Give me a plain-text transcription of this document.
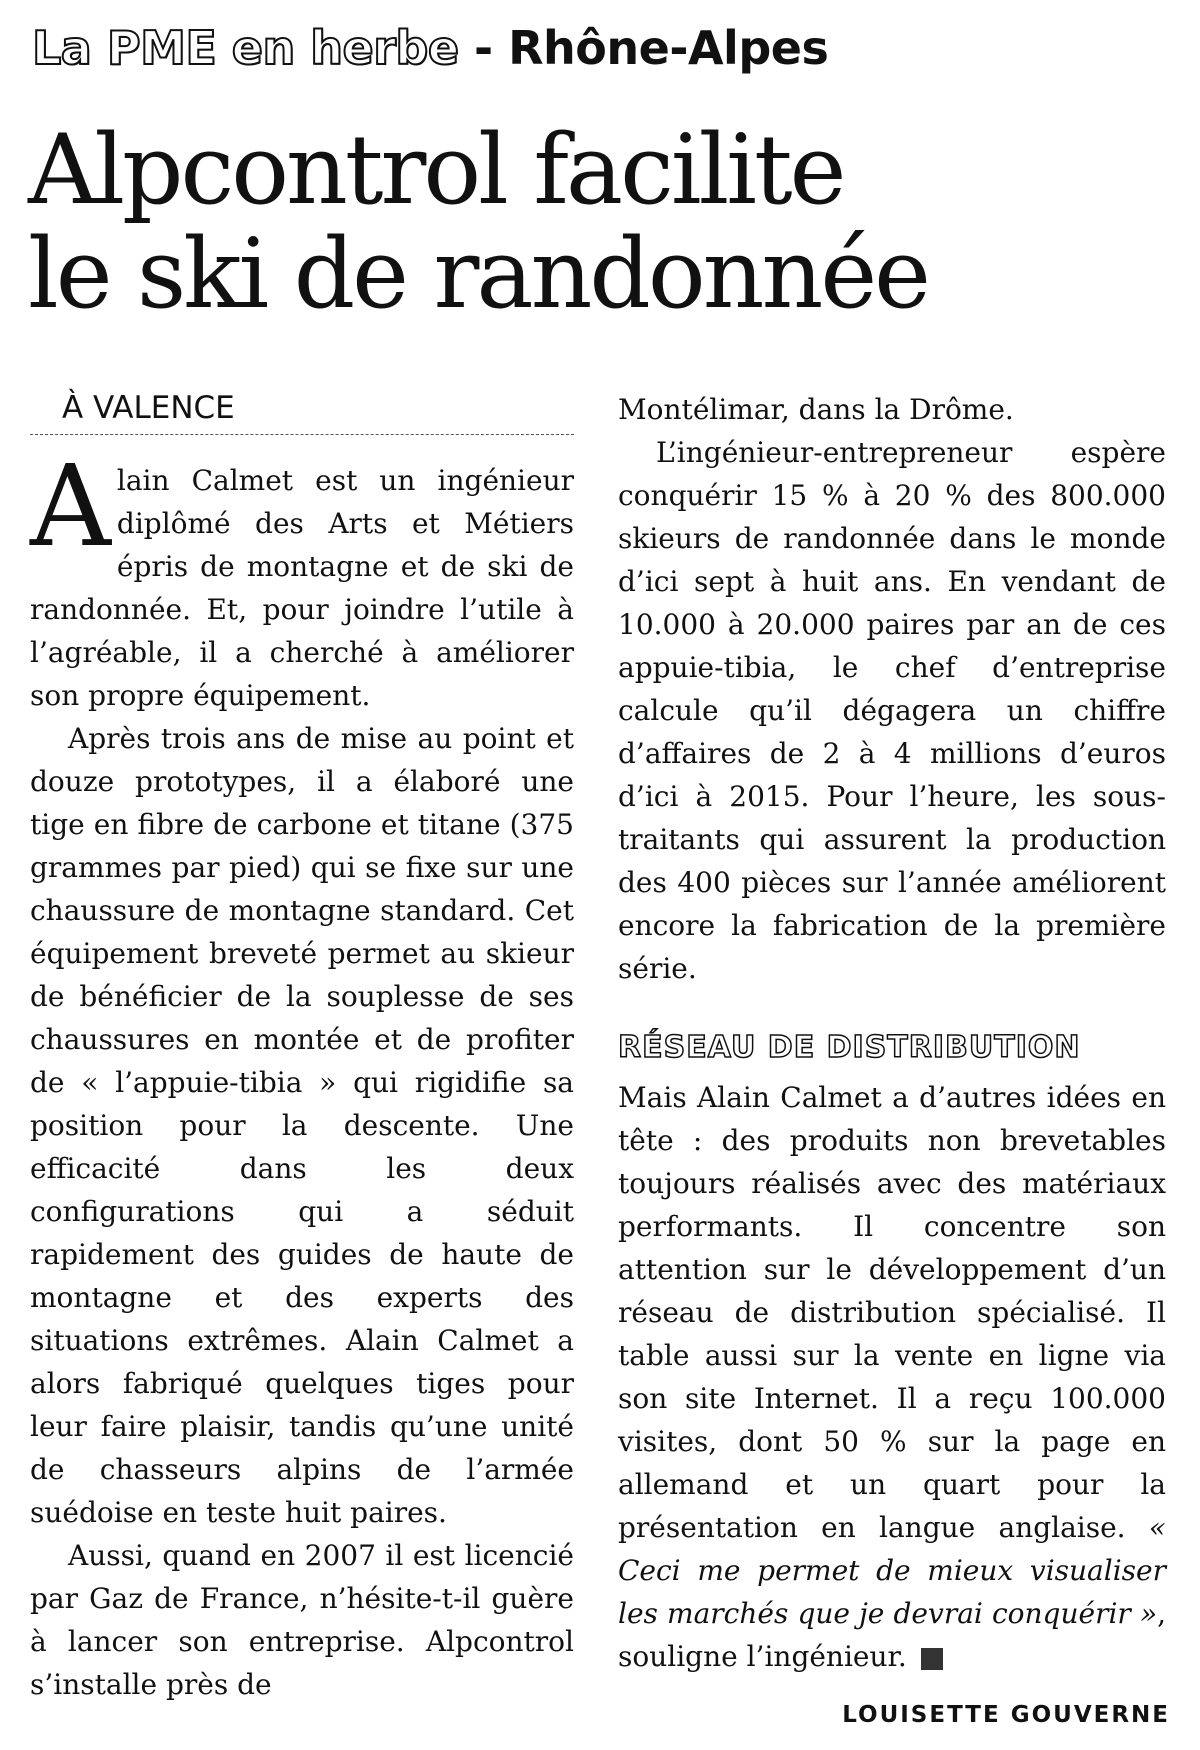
La PME en herbe - Rhône-Alpes
Alpcontrol facilite
le ski de randonnée
À VALENCE

Alain Calmet est un ingénieur diplômé des Arts et Métiers épris de montagne et de ski de randonnée. Et, pour joindre l’utile à l’agréable, il a cherché à améliorer son propre équipement.

Après trois ans de mise au point et douze prototypes, il a élaboré une tige en fibre de carbone et titane (375 grammes par pied) qui se fixe sur une chaussure de montagne standard. Cet équipement breveté permet au skieur de bénéficier de la souplesse de ses chaussures en montée et de profiter de « l’appuie-tibia » qui rigidifie sa position pour la descente. Une efficacité dans les deux configurations qui a séduit rapidement des guides de haute de montagne et des experts des situations extrêmes. Alain Calmet a alors fabriqué quelques tiges pour leur faire plaisir, tandis qu’une unité de chasseurs alpins de l’armée suédoise en teste huit paires.

Aussi, quand en 2007 il est licencié par Gaz de France, n’hésite-t-il guère à lancer son entreprise. Alpcontrol s’installe près de

Montélimar, dans la Drôme.

L’ingénieur-entrepreneur espère conquérir 15 % à 20 % des 800.000 skieurs de randonnée dans le monde d’ici sept à huit ans. En vendant de 10.000 à 20.000 paires par an de ces appuie-tibia, le chef d’entreprise calcule qu’il dégagera un chiffre d’affaires de 2 à 4 millions d’euros d’ici à 2015. Pour l’heure, les sous-traitants qui assurent la production des 400 pièces sur l’année améliorent encore la fabrication de la première série.

RÉSEAU DE DISTRIBUTION

Mais Alain Calmet a d’autres idées en tête : des produits non brevetables toujours réalisés avec des matériaux performants. Il concentre son attention sur le développement d’un réseau de distribution spécialisé. Il table aussi sur la vente en ligne via son site Internet. Il a reçu 100.000 visites, dont 50 % sur la page en allemand et un quart pour la présentation en langue anglaise. « Ceci me permet de mieux visualiser les marchés que je devrai conquérir », souligne l’ingénieur.

LOUISETTE GOUVERNE
